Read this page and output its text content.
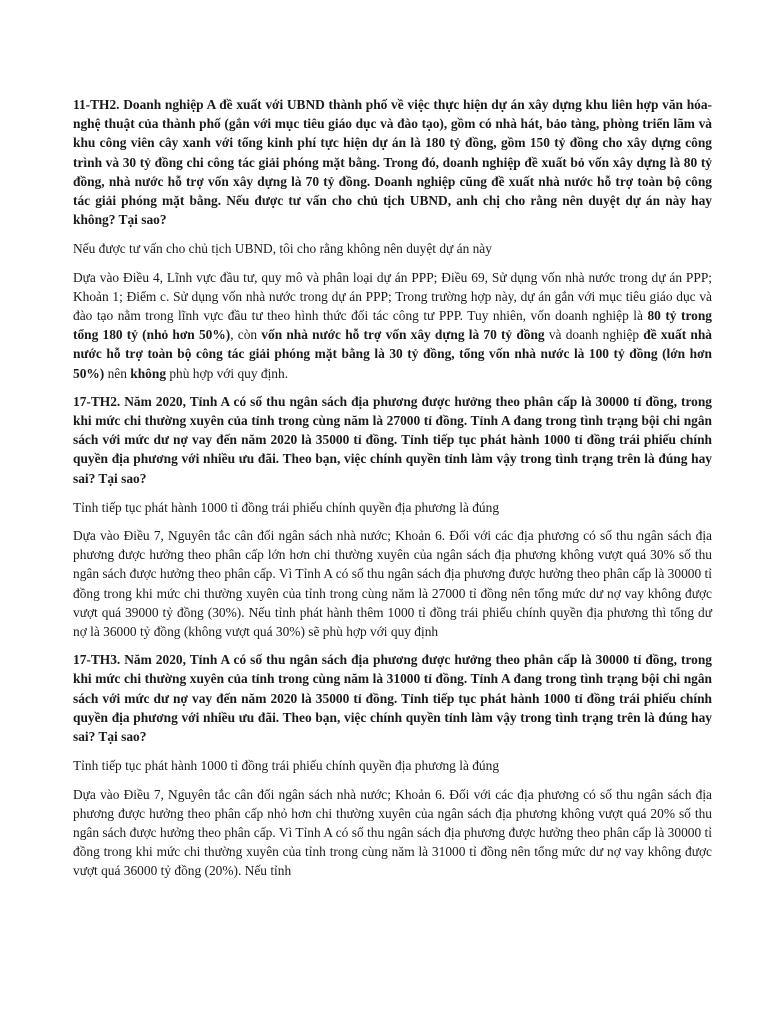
11-TH2. Doanh nghiệp A đề xuất với UBND thành phố về việc thực hiện dự án xây dựng khu liên hợp văn hóa-nghệ thuật của thành phố (gắn với mục tiêu giáo dục và đào tạo), gồm có nhà hát, bảo tàng, phòng triển lãm và khu công viên cây xanh với tổng kinh phí tực hiện dự án là 180 tỷ đồng, gồm 150 tỷ đồng cho xây dựng công trình và 30 tỷ đồng chi công tác giải phóng mặt bằng. Trong đó, doanh nghiệp đề xuất bỏ vốn xây dựng là 80 tỷ đồng, nhà nước hỗ trợ vốn xây dựng là 70 tỷ đồng. Doanh nghiệp cũng đề xuất nhà nước hỗ trợ toàn bộ công tác giải phóng mặt bằng. Nếu được tư vấn cho chủ tịch UBND, anh chị cho rằng nên duyệt dự án này hay không? Tại sao?

Nếu được tư vấn cho chủ tịch UBND, tôi cho rằng không nên duyệt dự án này

Dựa vào Điều 4, Lĩnh vực đầu tư, quy mô và phân loại dự án PPP; Điều 69, Sử dụng vốn nhà nước trong dự án PPP; Khoản 1; Điểm c. Sử dụng vốn nhà nước trong dự án PPP; Trong trường hợp này, dự án gắn với mục tiêu giáo dục và đào tạo nằm trong lĩnh vực đầu tư theo hình thức đối tác công tư PPP. Tuy nhiên, vốn doanh nghiệp là 80 tỷ trong tổng 180 tỷ (nhỏ hơn 50%), còn vốn nhà nước hỗ trợ vốn xây dựng là 70 tỷ đồng và doanh nghiệp đề xuất nhà nước hỗ trợ toàn bộ công tác giải phóng mặt bằng là 30 tỷ đồng, tổng vốn nhà nước là 100 tỷ đồng (lớn hơn 50%) nên không phù hợp với quy định.

17-TH2. Năm 2020, Tỉnh A có số thu ngân sách địa phương được hưởng theo phân cấp là 30000 tỉ đồng, trong khi mức chi thường xuyên của tỉnh trong cùng năm là 27000 tỉ đồng. Tỉnh A đang trong tình trạng bội chi ngân sách với mức dư nợ vay đến năm 2020 là 35000 tỉ đồng. Tỉnh tiếp tục phát hành 1000 tỉ đồng trái phiếu chính quyền địa phương với nhiều ưu đãi. Theo bạn, việc chính quyền tỉnh làm vậy trong tình trạng trên là đúng hay sai? Tại sao?

Tỉnh tiếp tục phát hành 1000 tỉ đồng trái phiếu chính quyền địa phương là đúng

Dựa vào Điều 7, Nguyên tắc cân đối ngân sách nhà nước; Khoản 6. Đối với các địa phương có số thu ngân sách địa phương được hưởng theo phân cấp lớn hơn chi thường xuyên của ngân sách địa phương không vượt quá 30% số thu ngân sách được hưởng theo phân cấp. Vì Tỉnh A có số thu ngân sách địa phương được hưởng theo phân cấp là 30000 tỉ đồng trong khi mức chi thường xuyên của tỉnh trong cùng năm là 27000 tỉ đồng nên tổng mức dư nợ vay không được vượt quá 39000 tỷ đồng (30%). Nếu tỉnh phát hành thêm 1000 tỉ đồng trái phiếu chính quyền địa phương thì tổng dư nợ là 36000 tỷ đồng (không vượt quá 30%) sẽ phù hợp với quy định

17-TH3. Năm 2020, Tỉnh A có số thu ngân sách địa phương được hưởng theo phân cấp là 30000 tỉ đồng, trong khi mức chi thường xuyên của tỉnh trong cùng năm là 31000 tỉ đồng. Tỉnh A đang trong tình trạng bội chi ngân sách với mức dư nợ vay đến năm 2020 là 35000 tỉ đồng. Tỉnh tiếp tục phát hành 1000 tỉ đồng trái phiếu chính quyền địa phương với nhiều ưu đãi. Theo bạn, việc chính quyền tỉnh làm vậy trong tình trạng trên là đúng hay sai? Tại sao?

Tỉnh tiếp tục phát hành 1000 tỉ đồng trái phiếu chính quyền địa phương là đúng

Dựa vào Điều 7, Nguyên tắc cân đối ngân sách nhà nước; Khoản 6. Đối với các địa phương có số thu ngân sách địa phương được hưởng theo phân cấp nhỏ hơn chi thường xuyên của ngân sách địa phương không vượt quá 20% số thu ngân sách được hưởng theo phân cấp. Vì Tỉnh A có số thu ngân sách địa phương được hưởng theo phân cấp là 30000 tỉ đồng trong khi mức chi thường xuyên của tỉnh trong cùng năm là 31000 tỉ đồng nên tổng mức dư nợ vay không được vượt quá 36000 tỷ đồng (20%). Nếu tỉnh
